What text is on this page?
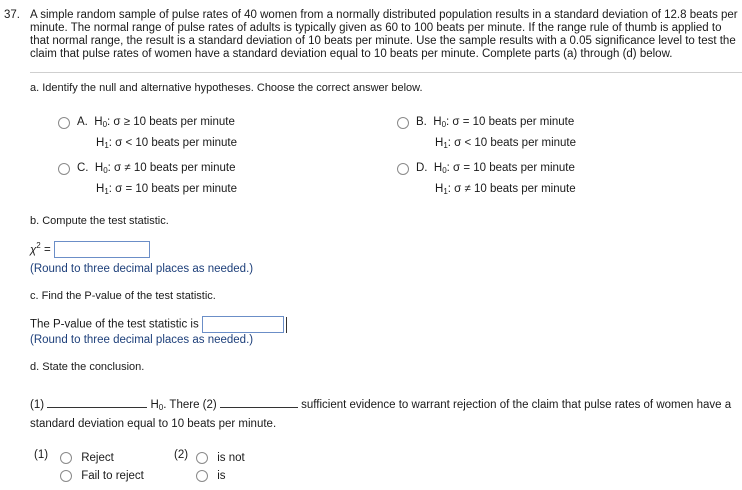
37. A simple random sample of pulse rates of 40 women from a normally distributed population results in a standard deviation of 12.8 beats per minute. The normal range of pulse rates of adults is typically given as 60 to 100 beats per minute. If the range rule of thumb is applied to that normal range, the result is a standard deviation of 10 beats per minute. Use the sample results with a 0.05 significance level to test the claim that pulse rates of women have a standard deviation equal to 10 beats per minute. Complete parts (a) through (d) below.
a. Identify the null and alternative hypotheses. Choose the correct answer below.
A.  $H_0$: σ ≥ 10 beats per minute
$H_1$: σ < 10 beats per minute
B.  $H_0$: σ = 10 beats per minute
$H_1$: σ < 10 beats per minute
C.  $H_0$: σ ≠ 10 beats per minute
$H_1$: σ = 10 beats per minute
D.  $H_0$: σ = 10 beats per minute
$H_1$: σ ≠ 10 beats per minute
b. Compute the test statistic.
$\chi^2$ =
(Round to three decimal places as needed.)
c. Find the P-value of the test statistic.
The P-value of the test statistic is
(Round to three decimal places as needed.)
d. State the conclusion.
(1)	$H_0$. There (2)	sufficient evidence to warrant rejection of the claim that pulse rates of women have a
standard deviation equal to 10 beats per minute.
(1)	Reject
Fail to reject
(2)	is not
is
